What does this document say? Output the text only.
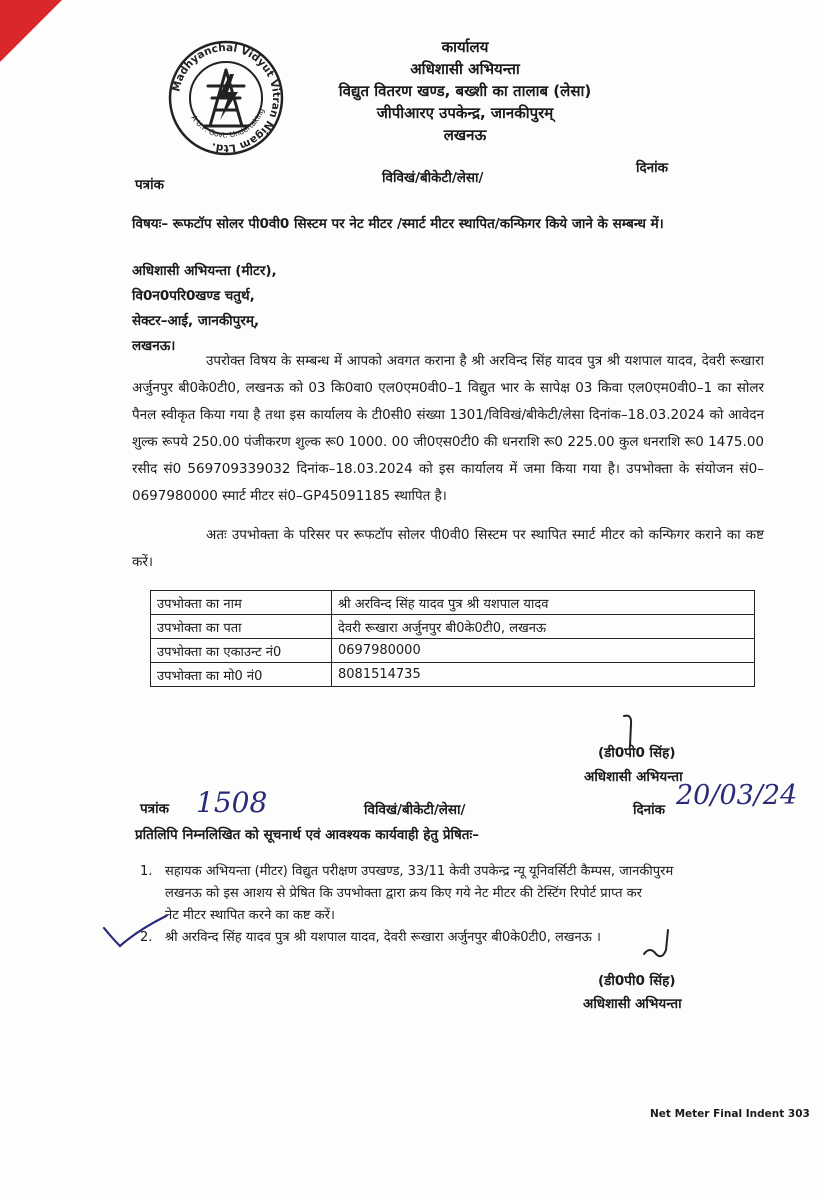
Madhyanchal Vidyut Vitran Nigam Ltd.
A U.P. Govt. Undertaking
कार्यालय
अधिशासी अभियन्ता
विद्युत वितरण खण्ड, बख्शी का तालाब (लेसा)
जीपीआरए उपकेन्द्र, जानकीपुरम्
लखनऊ
पत्रांक	विविखं/बीकेटी/लेसा/
दिनांक
विषयः– रूफटॉप सोलर पी0वी0 सिस्टम पर नेट मीटर /स्मार्ट मीटर स्थापित/कन्फिगर किये जाने के सम्बन्ध में।
अधिशासी अभियन्ता (मीटर),
वि0न0परि0खण्ड चतुर्थ,
सेक्टर–आई, जानकीपुरम्,
लखनऊ।
उपरोक्त विषय के सम्बन्ध में आपको अवगत कराना है श्री अरविन्द सिंह यादव पुत्र श्री यशपाल यादव, देवरी रूखारा अर्जुनपुर बी0के0टी0, लखनऊ को 03 कि0वा0 एल0एम0वी0–1 विद्युत भार के सापेक्ष 03 किवा एल0एम0वी0–1 का सोलर पैनल स्वीकृत किया गया है तथा इस कार्यालय के टी0सी0 संख्या 1301/विविखं/बीकेटी/लेसा दिनांक–18.03.2024 को आवेदन शुल्क रूपये 250.00 पंजीकरण शुल्क रू0 1000. 00 जी0एस0टी0 की धनराशि रू0 225.00 कुल धनराशि रू0 1475.00 रसीद सं0 569709339032 दिनांक–18.03.2024 को इस कार्यालय में जमा किया गया है। उपभोक्ता के संयोजन सं0–0697980000 स्मार्ट मीटर सं0–GP45091185 स्थापित है।
अतः उपभोक्ता के परिसर पर रूफटॉप सोलर पी0वी0 सिस्टम पर स्थापित स्मार्ट मीटर को कन्फिगर कराने का कष्ट करें।
उपभोक्ता का नाम	श्री अरविन्द सिंह यादव पुत्र श्री यशपाल यादव
उपभोक्ता का पता	देवरी रूखारा अर्जुनपुर बी0के0टी0, लखनऊ
उपभोक्ता का एकाउन्ट नं0	0697980000
उपभोक्ता का मो0 नं0	8081514735
(डी0पी0 सिंह)
अधिशासी अभियन्ता
पत्रांक 1508	विविखं/बीकेटी/लेसा/	दिनांक 20/03/24
प्रतिलिपि निम्नलिखित को सूचनार्थ एवं आवश्यक कार्यवाही हेतु प्रेषितः–
1. सहायक अभियन्ता (मीटर) विद्युत परीक्षण उपखण्ड, 33/11 केवी उपकेन्द्र न्यू यूनिवर्सिटी कैम्पस, जानकीपुरम
लखनऊ को इस आशय से प्रेषित कि उपभोक्ता द्वारा क्रय किए गये नेट मीटर की टेस्टिंग रिपोर्ट प्राप्त कर
नेट मीटर स्थापित करने का कष्ट करें।
2. श्री अरविन्द सिंह यादव पुत्र श्री यशपाल यादव, देवरी रूखारा अर्जुनपुर बी0के0टी0, लखनऊ ।
(डी0पी0 सिंह)
अधिशासी अभियन्ता
Net Meter Final Indent 303
